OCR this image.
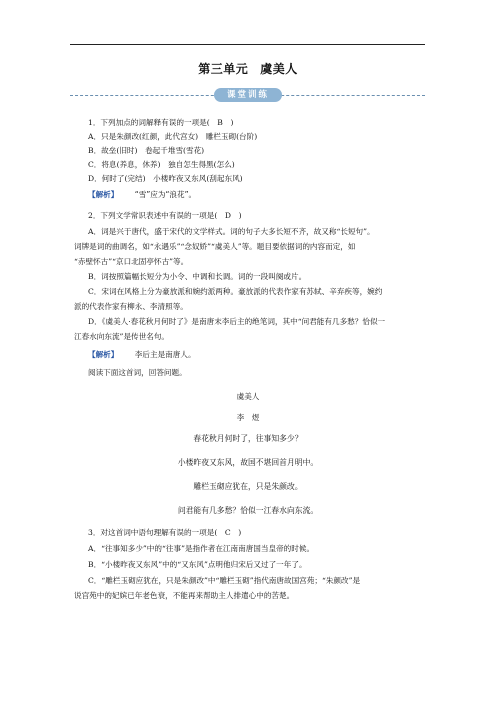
第三单元 虞美人
课堂训练
1．下列加点的词解释有误的一项是(　B　)
A．只是朱颜改(红颜，此代宫女)　雕栏玉砌(台阶)
B．故垒(旧时)　卷起千堆雪(雪花)
C．将息(养息，休养)　独自怎生得黑(怎么)
D．何时了(完结)　小楼昨夜又东风(刮起东风)
【解析】 “雪”应为“浪花”。
2．下列文学常识表述中有误的一项是(　D　)
A．词是兴于唐代，盛于宋代的文学样式。词的句子大多长短不齐，故又称“长短句”。
词牌是词的曲调名，如“永遇乐”“念奴娇”“虞美人”等。题目要依据词的内容而定，如
“赤壁怀古”“京口北固亭怀古”等。
B．词按照篇幅长短分为小令、中调和长调。词的一段叫阕或片。
C．宋词在风格上分为豪放派和婉约派两种。豪放派的代表作家有苏轼、辛弃疾等，婉约
派的代表作家有柳永、李清照等。
D．《虞美人·春花秋月何时了》是南唐末李后主的绝笔词，其中“问君能有几多愁？恰似一
江春水向东流”是传世名句。
【解析】 李后主是南唐人。
阅读下面这首词，回答问题。
虞美人
李　煜
春花秋月何时了，往事知多少？
小楼昨夜又东风，故国不堪回首月明中。
雕栏玉砌应犹在，只是朱颜改。
问君能有几多愁？恰似一江春水向东流。
3．对这首词中语句理解有误的一项是(　C　)
A．“往事知多少”中的“往事”是指作者在江南南唐国当皇帝的时候。
B．“小楼昨夜又东风”中的“又东风”点明他归宋后又过了一年了。
C．“雕栏玉砌应犹在，只是朱颜改”中“雕栏玉砌”指代南唐故国宫苑；“朱颜改”是
说宫苑中的妃嫔已年老色衰，不能再来帮助主人排遣心中的苦楚。
